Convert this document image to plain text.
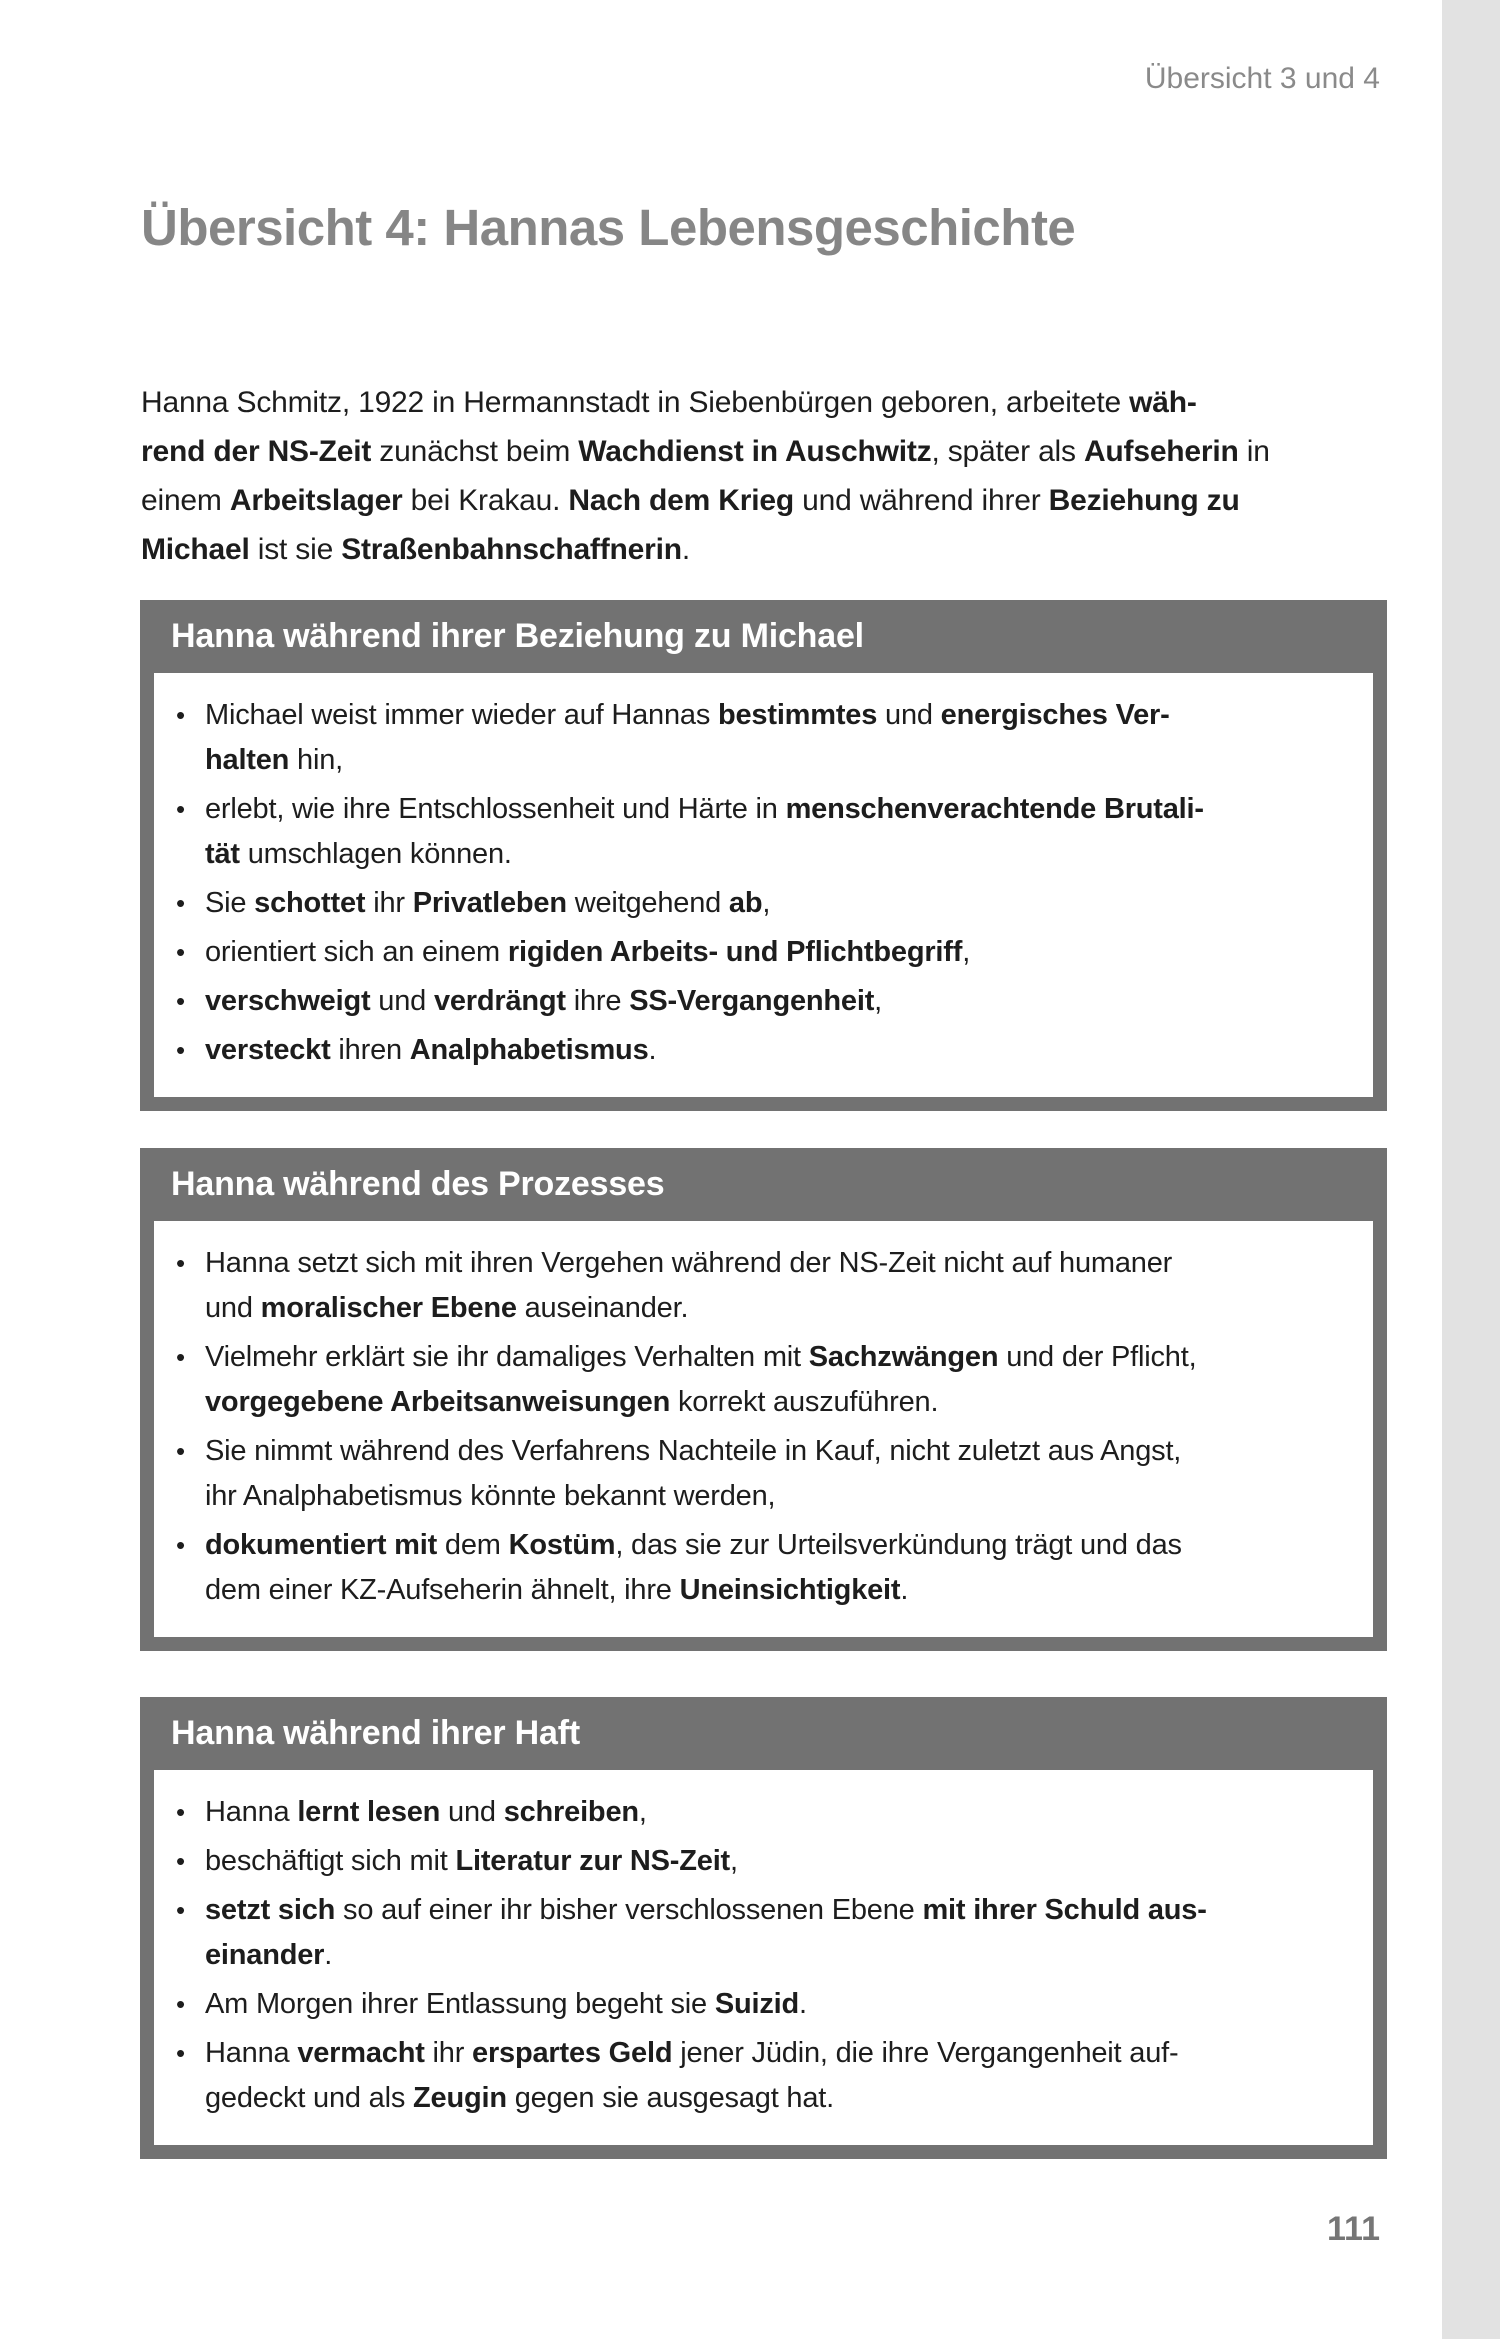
Übersicht 3 und 4
Übersicht 4: Hannas Lebensgeschichte

Hanna Schmitz, 1922 in Hermannstadt in Siebenbürgen geboren, arbeitete wäh-
rend der NS-Zeit zunächst beim Wachdienst in Auschwitz, später als Aufseherin in
einem Arbeitslager bei Krakau. Nach dem Krieg und während ihrer Beziehung zu
Michael ist sie Straßenbahnschaffnerin.

Hanna während ihrer Beziehung zu Michael
• Michael weist immer wieder auf Hannas bestimmtes und energisches Ver-
halten hin,
• erlebt, wie ihre Entschlossenheit und Härte in menschenverachtende Brutali-
tät umschlagen können.
• Sie schottet ihr Privatleben weitgehend ab,
• orientiert sich an einem rigiden Arbeits- und Pflichtbegriff,
• verschweigt und verdrängt ihre SS-Vergangenheit,
• versteckt ihren Analphabetismus.
Hanna während des Prozesses
• Hanna setzt sich mit ihren Vergehen während der NS-Zeit nicht auf humaner
und moralischer Ebene auseinander.
• Vielmehr erklärt sie ihr damaliges Verhalten mit Sachzwängen und der Pflicht,
vorgegebene Arbeitsanweisungen korrekt auszuführen.
• Sie nimmt während des Verfahrens Nachteile in Kauf, nicht zuletzt aus Angst,
ihr Analphabetismus könnte bekannt werden,
• dokumentiert mit dem Kostüm, das sie zur Urteilsverkündung trägt und das
dem einer KZ-Aufseherin ähnelt, ihre Uneinsichtigkeit.
Hanna während ihrer Haft
• Hanna lernt lesen und schreiben,
• beschäftigt sich mit Literatur zur NS-Zeit,
• setzt sich so auf einer ihr bisher verschlossenen Ebene mit ihrer Schuld aus-
einander.
• Am Morgen ihrer Entlassung begeht sie Suizid.
• Hanna vermacht ihr erspartes Geld jener Jüdin, die ihre Vergangenheit auf-
gedeckt und als Zeugin gegen sie ausgesagt hat.
111
